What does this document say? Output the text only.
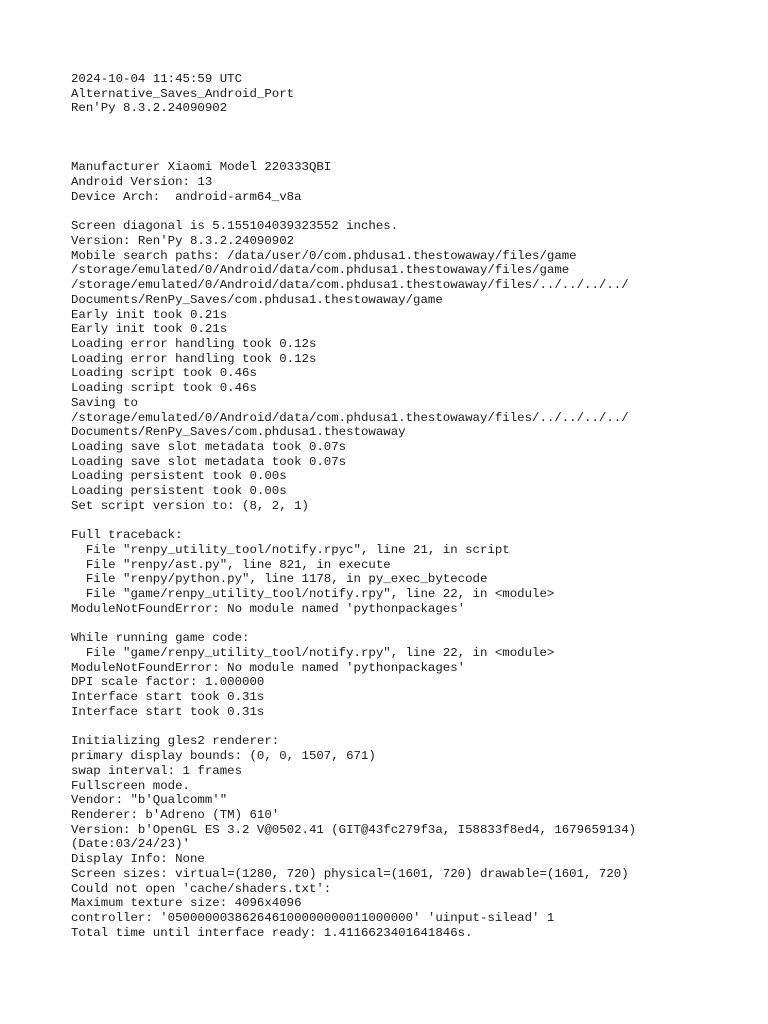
2024-10-04 11:45:59 UTC
Alternative_Saves_Android_Port
Ren'Py 8.3.2.24090902
Manufacturer Xiaomi Model 220333QBI
Android Version: 13
Device Arch:  android-arm64_v8a
Screen diagonal is 5.155104039323552 inches.
Version: Ren'Py 8.3.2.24090902
Mobile search paths: /data/user/0/com.phdusa1.thestowaway/files/game
/storage/emulated/0/Android/data/com.phdusa1.thestowaway/files/game
/storage/emulated/0/Android/data/com.phdusa1.thestowaway/files/../../../../
Documents/RenPy_Saves/com.phdusa1.thestowaway/game
Early init took 0.21s
Early init took 0.21s
Loading error handling took 0.12s
Loading error handling took 0.12s
Loading script took 0.46s
Loading script took 0.46s
Saving to
/storage/emulated/0/Android/data/com.phdusa1.thestowaway/files/../../../../
Documents/RenPy_Saves/com.phdusa1.thestowaway
Loading save slot metadata took 0.07s
Loading save slot metadata took 0.07s
Loading persistent took 0.00s
Loading persistent took 0.00s
Set script version to: (8, 2, 1)
Full traceback:
File "renpy_utility_tool/notify.rpyc", line 21, in script
File "renpy/ast.py", line 821, in execute
File "renpy/python.py", line 1178, in py_exec_bytecode
File "game/renpy_utility_tool/notify.rpy", line 22, in <module>
ModuleNotFoundError: No module named 'pythonpackages'
While running game code:
File "game/renpy_utility_tool/notify.rpy", line 22, in <module>
ModuleNotFoundError: No module named 'pythonpackages'
DPI scale factor: 1.000000
Interface start took 0.31s
Interface start took 0.31s
Initializing gles2 renderer:
primary display bounds: (0, 0, 1507, 671)
swap interval: 1 frames
Fullscreen mode.
Vendor: "b'Qualcomm'"
Renderer: b'Adreno (TM) 610'
Version: b'OpenGL ES 3.2 V@0502.41 (GIT@43fc279f3a, I58833f8ed4, 1679659134)
(Date:03/24/23)'
Display Info: None
Screen sizes: virtual=(1280, 720) physical=(1601, 720) drawable=(1601, 720)
Could not open 'cache/shaders.txt':
Maximum texture size: 4096x4096
controller: '050000003862646100000000011000000' 'uinput-silead' 1
Total time until interface ready: 1.4116623401641846s.
